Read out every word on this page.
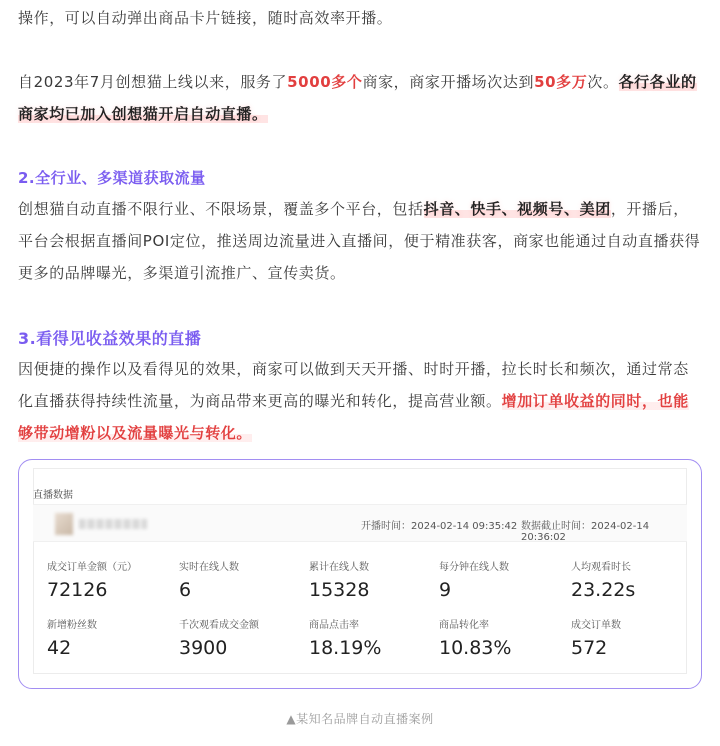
操作，可以自动弹出商品卡片链接，随时高效率开播。
自2023年7月创想猫上线以来，服务了5000多个商家，商家开播场次达到50多万次。各行各业的商家均已加入创想猫开启自动直播。
2.全行业、多渠道获取流量
创想猫自动直播不限行业、不限场景，覆盖多个平台，包括抖音、快手、视频号、美团，开播后，平台会根据直播间POI定位，推送周边流量进入直播间，便于精准获客，商家也能通过自动直播获得更多的品牌曝光，多渠道引流推广、宣传卖货。
3.看得见收益效果的直播
因便捷的操作以及看得见的效果，商家可以做到天天开播、时时开播，拉长时长和频次，通过常态化直播获得持续性流量，为商品带来更高的曝光和转化，提高营业额。增加订单收益的同时，也能够带动增粉以及流量曝光与转化。
直播数据
开播时间：2024-02-14 09:35:42 数据截止时间：2024-02-14 20:36:02
成交订单金额（元）
72126
实时在线人数
6
累计在线人数
15328
每分钟在线人数
9
人均观看时长
23.22s
新增粉丝数
42
千次观看成交金额
3900
商品点击率
18.19%
商品转化率
10.83%
成交订单数
572
▲某知名品牌自动直播案例
